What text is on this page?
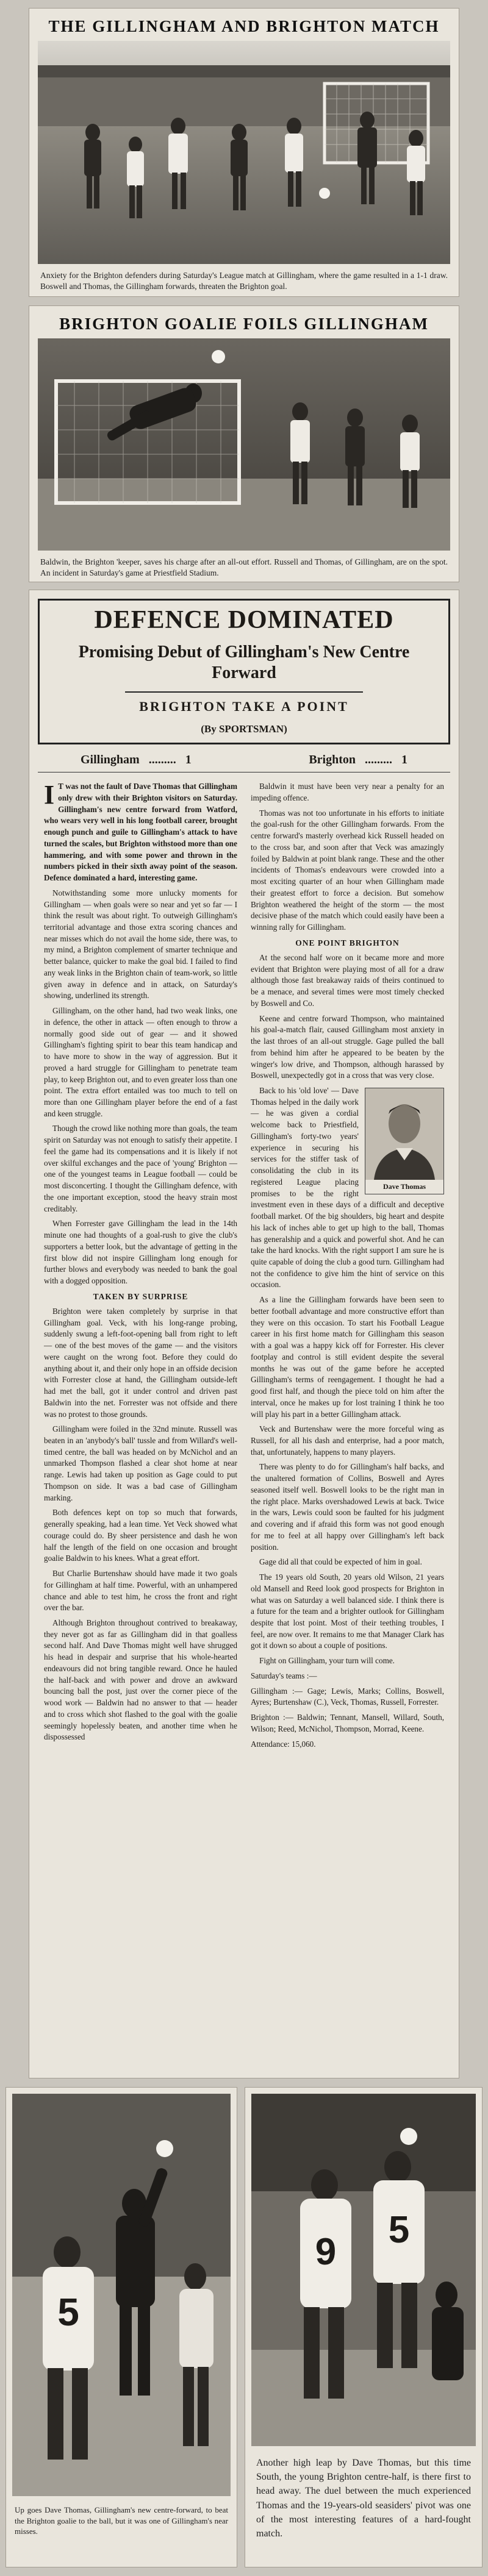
THE GILLINGHAM AND BRIGHTON MATCH
Anxiety for the Brighton defenders during Saturday's League match at Gillingham, where the game resulted in a 1-1 draw. Boswell and Thomas, the Gillingham forwards, threaten the Brighton goal.
BRIGHTON GOALIE FOILS GILLINGHAM
Baldwin, the Brighton 'keeper, saves his charge after an all-out effort. Russell and Thomas, of Gillingham, are on the spot. An incident in Saturday's game at Priestfield Stadium.
DEFENCE DOMINATED
Promising Debut of Gillingham's New Centre Forward
BRIGHTON TAKE A POINT
(By SPORTSMAN)
Gillingham   .........   1	Brighton   .........   1

I T was not the fault of Dave Thomas that Gillingham only drew with their Brighton visitors on Saturday. Gillingham's new centre forward from Watford, who wears very well in his long football career, brought enough punch and guile to Gillingham's attack to have turned the scales, but Brighton withstood more than one hammering, and with some power and thrown in the numbers picked in their sixth away point of the season. Defence dominated a hard, interesting game.

Notwithstanding some more unlucky moments for Gillingham — when goals were so near and yet so far — I think the result was about right. To outweigh Gillingham's territorial advantage and those extra scoring chances and near misses which do not avail the home side, there was, to my mind, a Brighton complement of smarter technique and better balance, quicker to make the goal bid. I failed to find any weak links in the Brighton chain of team-work, so little given away in defence and in attack, on Saturday's showing, underlined its strength.

Gillingham, on the other hand, had two weak links, one in defence, the other in attack — often enough to throw a normally good side out of gear — and it showed Gillingham's fighting spirit to bear this team handicap and to have more to show in the way of aggression. But it proved a hard struggle for Gillingham to penetrate team play, to keep Brighton out, and to even greater loss than one point. The extra effort entailed was too much to tell on more than one Gillingham player before the end of a fast and keen struggle.

Though the crowd like nothing more than goals, the team spirit on Saturday was not enough to satisfy their appetite. I feel the game had its compensations and it is likely if not over skilful exchanges and the pace of 'young' Brighton — one of the youngest teams in League football — could be most disconcerting. I thought the Gillingham defence, with the one important exception, stood the heavy strain most creditably.

When Forrester gave Gillingham the lead in the 14th minute one had thoughts of a goal-rush to give the club's supporters a better look, but the advantage of getting in the first blow did not inspire Gillingham long enough for further blows and everybody was needed to bank the goal with a dogged opposition.

TAKEN BY SURPRISE

Brighton were taken completely by surprise in that Gillingham goal. Veck, with his long-range probing, suddenly swung a left-foot-opening ball from right to left — one of the best moves of the game — and the visitors were caught on the wrong foot. Before they could do anything about it, and their only hope in an offside decision with Forrester close at hand, the Gillingham outside-left had met the ball, got it under control and driven past Baldwin into the net. Forrester was not offside and there was no protest to those grounds.

Gillingham were foiled in the 32nd minute. Russell was beaten in an 'anybody's ball' tussle and from Willard's well-timed centre, the ball was headed on by McNichol and an unmarked Thompson flashed a clear shot home at near range. Lewis had taken up position as Gage could to put Thompson on side. It was a bad case of Gillingham marking.

Both defences kept on top so much that forwards, generally speaking, had a lean time. Yet Veck showed what courage could do. By sheer persistence and dash he won half the length of the field on one occasion and brought goalie Baldwin to his knees. What a great effort.

But Charlie Burtenshaw should have made it two goals for Gillingham at half time. Powerful, with an unhampered chance and able to test him, he cross the front and right over the bar.

Although Brighton throughout contrived to breakaway, they never got as far as Gillingham did in that goalless second half. And Dave Thomas might well have shrugged his head in despair and surprise that his whole-hearted endeavours did not bring tangible reward. Once he hauled the half-back and with power and drove an awkward bouncing ball the post, just over the corner piece of the wood work — Baldwin had no answer to that — header and to cross which shot flashed to the goal with the goalie seemingly hopelessly beaten, and another time when he dispossessed

Baldwin it must have been very near a penalty for an impeding offence.

Thomas was not too unfortunate in his efforts to initiate the goal-rush for the other Gillingham forwards. From the centre forward's masterly overhead kick Russell headed on to the cross bar, and soon after that Veck was amazingly foiled by Baldwin at point blank range. These and the other incidents of Thomas's endeavours were crowded into a most exciting quarter of an hour when Gillingham made their greatest effort to force a decision. But somehow Brighton weathered the height of the storm — the most decisive phase of the match which could easily have been a winning rally for Gillingham.

ONE POINT BRIGHTON

At the second half wore on it became more and more evident that Brighton were playing most of all for a draw although those fast breakaway raids of theirs continued to be a menace, and several times were most timely checked by Boswell and Co.

Keene and centre forward Thompson, who maintained his goal-a-match flair, caused Gillingham most anxiety in the last throes of an all-out struggle. Gage pulled the ball from behind him after he appeared to be beaten by the winger's low drive, and Thompson, although harassed by Boswell, unexpectedly got in a cross that was very close.

Dave Thomas

Back to his 'old love' — Dave Thomas helped in the daily work — he was given a cordial welcome back to Priestfield, Gillingham's forty-two years' experience in securing his services for the stiffer task of consolidating the club in its registered League placing promises to be the right investment even in these days of a difficult and deceptive football market. Of the big shoulders, big heart and despite his lack of inches able to get up high to the ball, Thomas has generalship and a quick and powerful shot. And he can take the hard knocks. With the right support I am sure he is quite capable of doing the club a good turn. Gillingham had not the confidence to give him the hint of service on this occasion.

As a line the Gillingham forwards have been seen to better football advantage and more constructive effort than they were on this occasion. To start his Football League career in his first home match for Gillingham this season with a goal was a happy kick off for Forrester. His clever footplay and control is still evident despite the several months he was out of the game before he accepted Gillingham's terms of reengagement. I thought he had a good first half, and though the piece told on him after the interval, once he makes up for lost training I think he too will play his part in a better Gillingham attack.

Veck and Burtenshaw were the more forceful wing as Russell, for all his dash and enterprise, had a poor match, that, unfortunately, happens to many players.

There was plenty to do for Gillingham's half backs, and the unaltered formation of Collins, Boswell and Ayres seasoned itself well. Boswell looks to be the right man in the right place. Marks overshadowed Lewis at back. Twice in the wars, Lewis could soon be faulted for his judgment and covering and if afraid this form was not good enough for me to feel at all happy over Gillingham's left back position.

Gage did all that could be expected of him in goal.

The 19 years old South, 20 years old Wilson, 21 years old Mansell and Reed look good prospects for Brighton in what was on Saturday a well balanced side. I think there is a future for the team and a brighter outlook for Gillingham despite that lost point. Most of their teething troubles, I feel, are now over. It remains to me that Manager Clark has got it down so about a couple of positions.

Fight on Gillingham, your turn will come.

Saturday's teams :—

Gillingham :— Gage; Lewis, Marks; Collins, Boswell, Ayres; Burtenshaw (C.), Veck, Thomas, Russell, Forrester.

Brighton :— Baldwin; Tennant, Mansell, Willard, South, Wilson; Reed, McNichol, Thompson, Morrad, Keene.

Attendance: 15,060.

5
Up goes Dave Thomas, Gillingham's new centre-forward, to beat the Brighton goalie to the ball, but it was one of Gillingham's near misses.
9
5
Another high leap by Dave Thomas, but this time South, the young Brighton centre-half, is there first to head away. The duel between the much experienced Thomas and the 19-years-old seasiders' pivot was one of the most interesting features of a hard-fought match.
